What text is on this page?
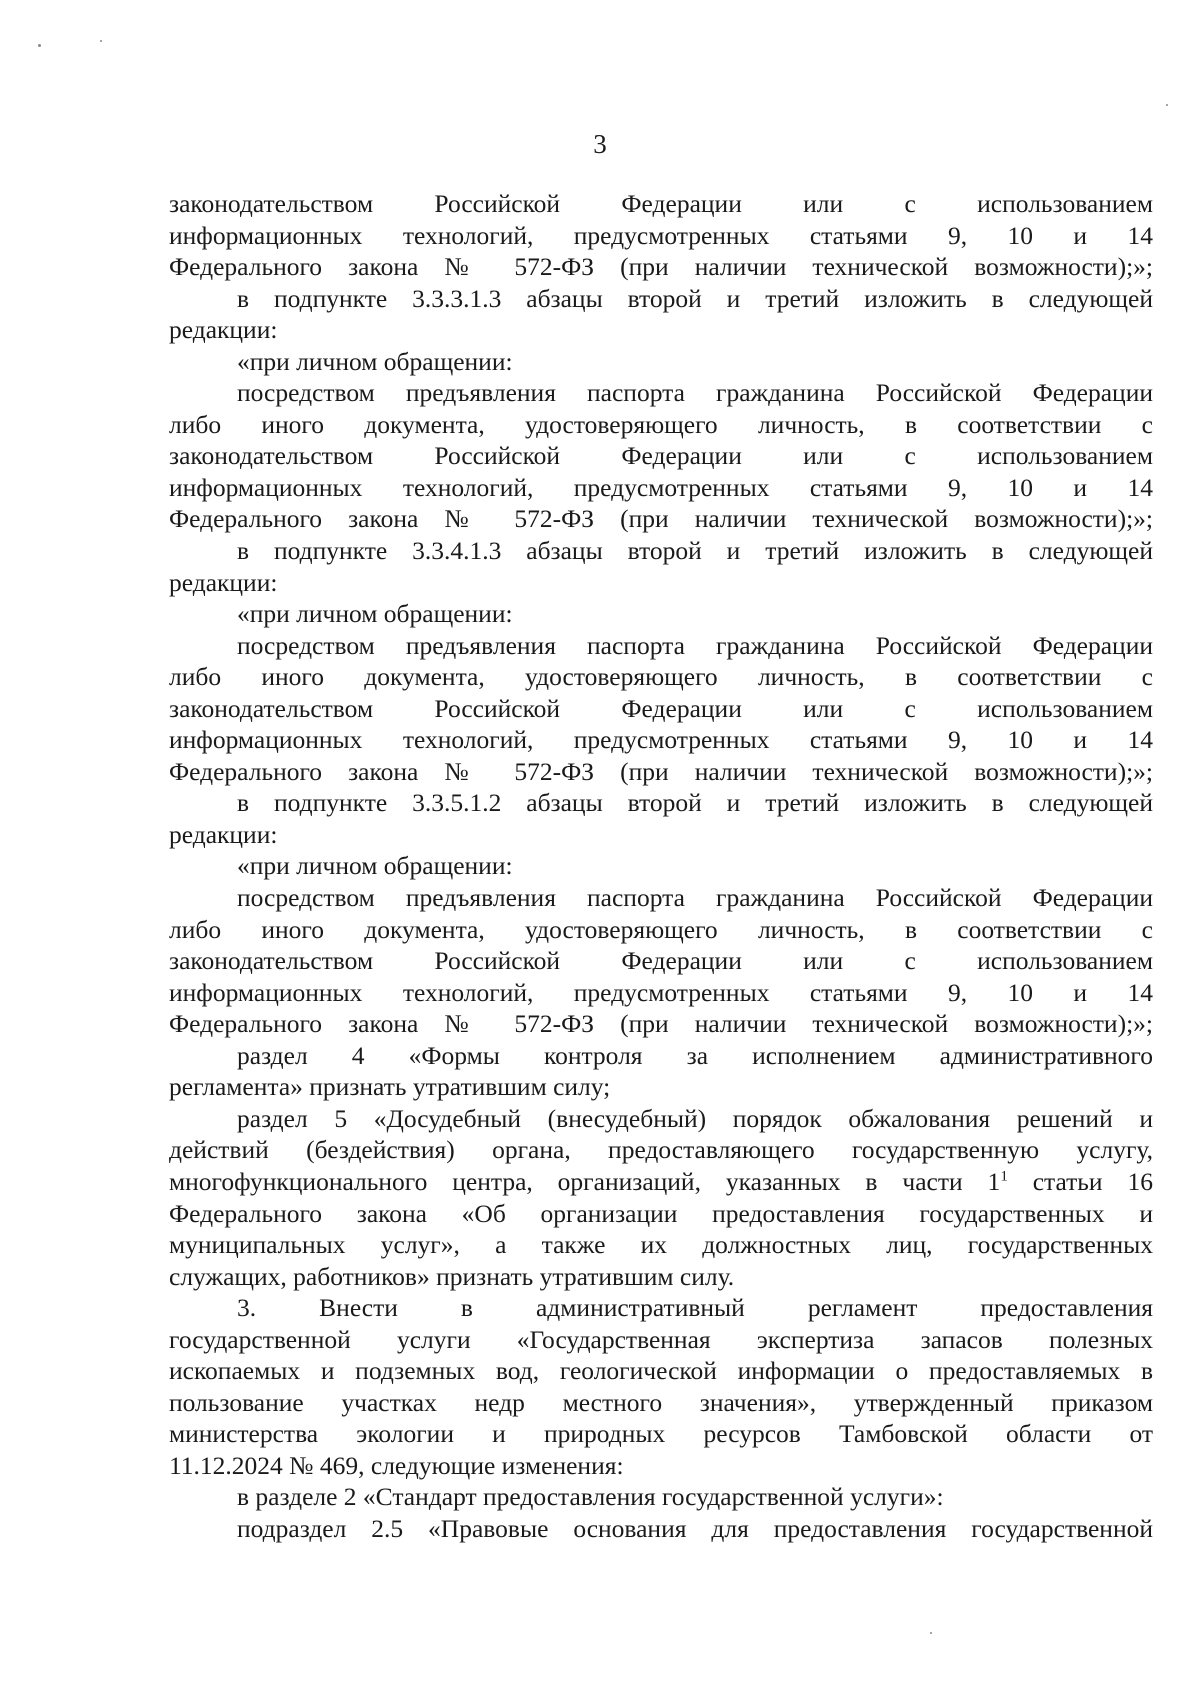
3
законодательством Российской Федерации или с использованием
информационных технологий, предусмотренных статьями 9, 10 и 14
Федерального закона № 572-ФЗ (при наличии технической возможности);»;
в подпункте 3.3.3.1.3 абзацы второй и третий изложить в следующей
редакции:
«при личном обращении:
посредством предъявления паспорта гражданина Российской Федерации
либо иного документа, удостоверяющего личность, в соответствии с
законодательством Российской Федерации или с использованием
информационных технологий, предусмотренных статьями 9, 10 и 14
Федерального закона № 572-ФЗ (при наличии технической возможности);»;
в подпункте 3.3.4.1.3 абзацы второй и третий изложить в следующей
редакции:
«при личном обращении:
посредством предъявления паспорта гражданина Российской Федерации
либо иного документа, удостоверяющего личность, в соответствии с
законодательством Российской Федерации или с использованием
информационных технологий, предусмотренных статьями 9, 10 и 14
Федерального закона № 572-ФЗ (при наличии технической возможности);»;
в подпункте 3.3.5.1.2 абзацы второй и третий изложить в следующей
редакции:
«при личном обращении:
посредством предъявления паспорта гражданина Российской Федерации
либо иного документа, удостоверяющего личность, в соответствии с
законодательством Российской Федерации или с использованием
информационных технологий, предусмотренных статьями 9, 10 и 14
Федерального закона № 572-ФЗ (при наличии технической возможности);»;
раздел 4 «Формы контроля за исполнением административного
регламента» признать утратившим силу;
раздел 5 «Досудебный (внесудебный) порядок обжалования решений и
действий (бездействия) органа, предоставляющего государственную услугу,
многофункционального центра, организаций, указанных в части $1^1$ статьи 16
Федерального закона «Об организации предоставления государственных и
муниципальных услуг», а также их должностных лиц, государственных
служащих, работников» признать утратившим силу.
3. Внести в административный регламент предоставления
государственной услуги «Государственная экспертиза запасов полезных
ископаемых и подземных вод, геологической информации о предоставляемых в
пользование участках недр местного значения», утвержденный приказом
министерства экологии и природных ресурсов Тамбовской области от
11.12.2024 № 469, следующие изменения:
в разделе 2 «Стандарт предоставления государственной услуги»:
подраздел 2.5 «Правовые основания для предоставления государственной
